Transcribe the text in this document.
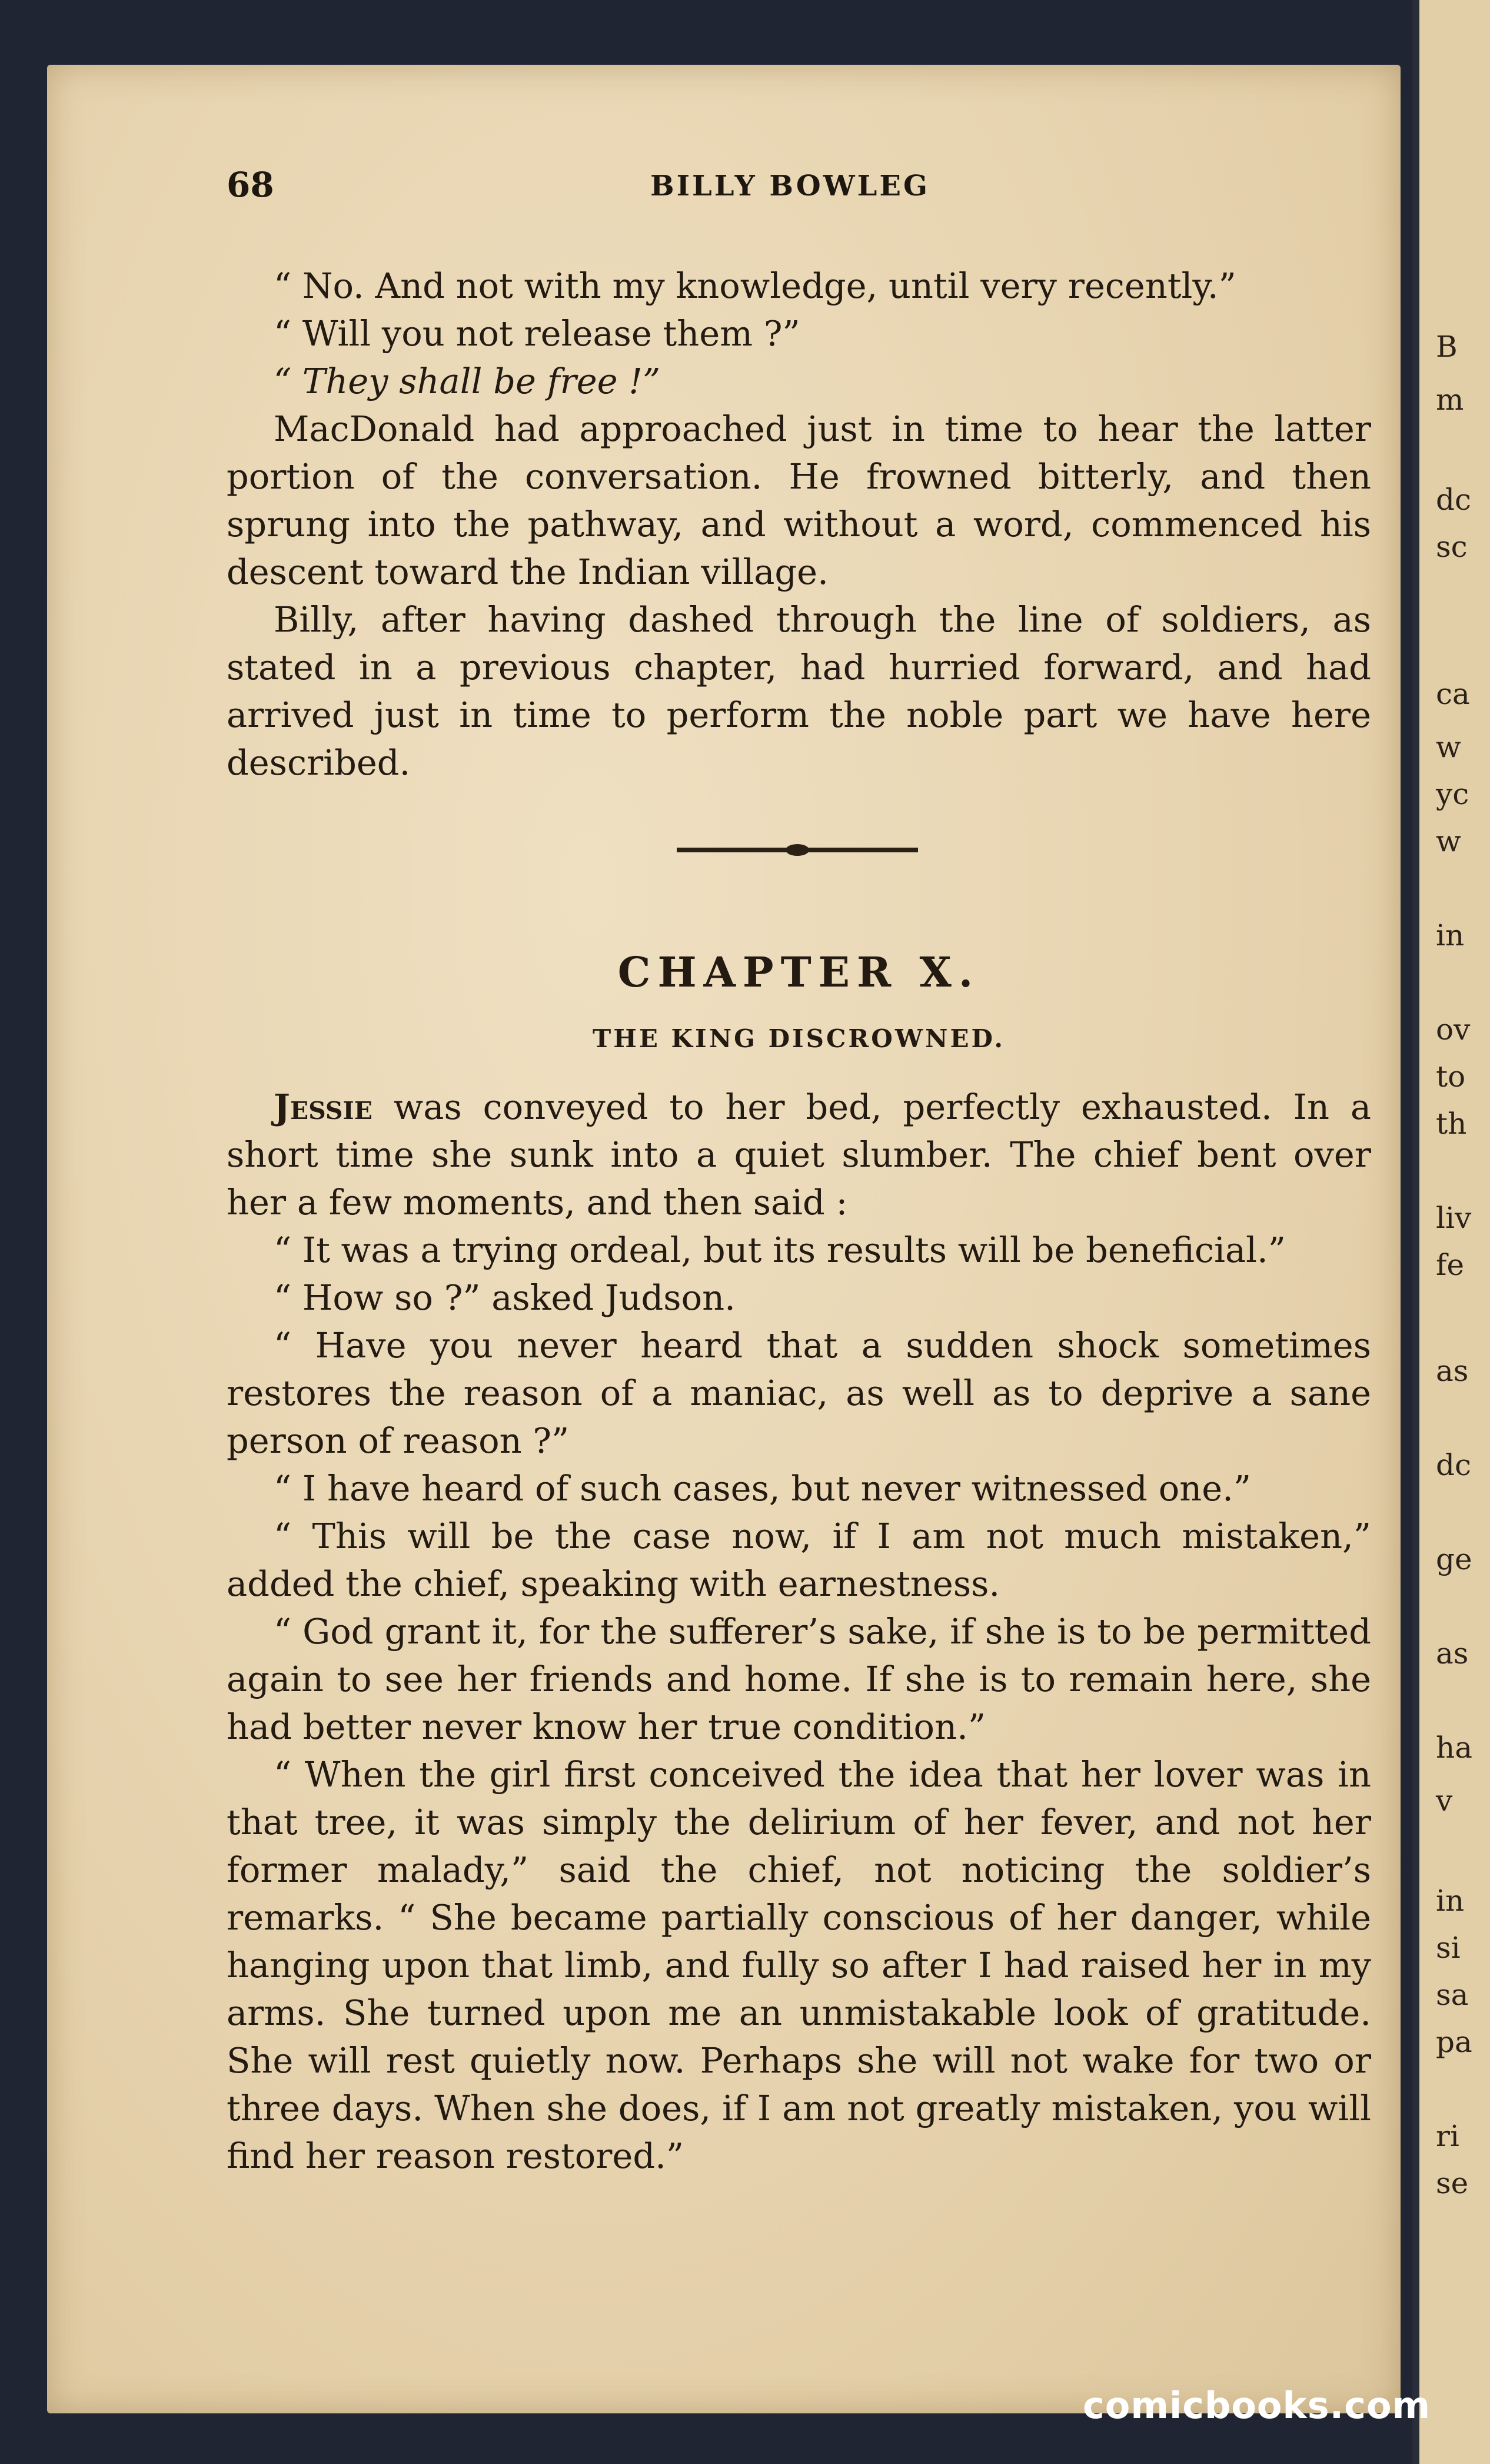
B
m
dc
sc
ca
w
yc
w
in
ov
to
th
liv
fe
as
dc
ge
as
ha
v
in
si
sa
pa
ri
se
68	BILLY BOWLEG

“ No. And not with my knowledge, until very recently.”

“ Will you not release them ?”

“ They shall be free !”

MacDonald had approached just in time to hear the latter portion of the conversation. He frowned bitterly, and then sprung into the pathway, and without a word, commenced his descent toward the Indian village.

Billy, after having dashed through the line of soldiers, as stated in a previous chapter, had hurried forward, and had arrived just in time to perform the noble part we have here described.

CHAPTER X.
THE KING DISCROWNED.

Jessie was conveyed to her bed, perfectly exhausted. In a short time she sunk into a quiet slumber. The chief bent over her a few moments, and then said :

“ It was a trying ordeal, but its results will be beneficial.”

“ How so ?” asked Judson.

“ Have you never heard that a sudden shock sometimes restores the reason of a maniac, as well as to deprive a sane person of reason ?”

“ I have heard of such cases, but never witnessed one.”

“ This will be the case now, if I am not much mistaken,” added the chief, speaking with earnestness.

“ God grant it, for the sufferer’s sake, if she is to be permitted again to see her friends and home. If she is to remain here, she had better never know her true condition.”

“ When the girl first conceived the idea that her lover was in that tree, it was simply the delirium of her fever, and not her former malady,” said the chief, not noticing the soldier’s remarks. “ She became partially conscious of her danger, while hanging upon that limb, and fully so after I had raised her in my arms. She turned upon me an unmistakable look of gratitude. She will rest quietly now. Perhaps she will not wake for two or three days. When she does, if I am not greatly mistaken, you will find her reason restored.”

comicbooks.com
